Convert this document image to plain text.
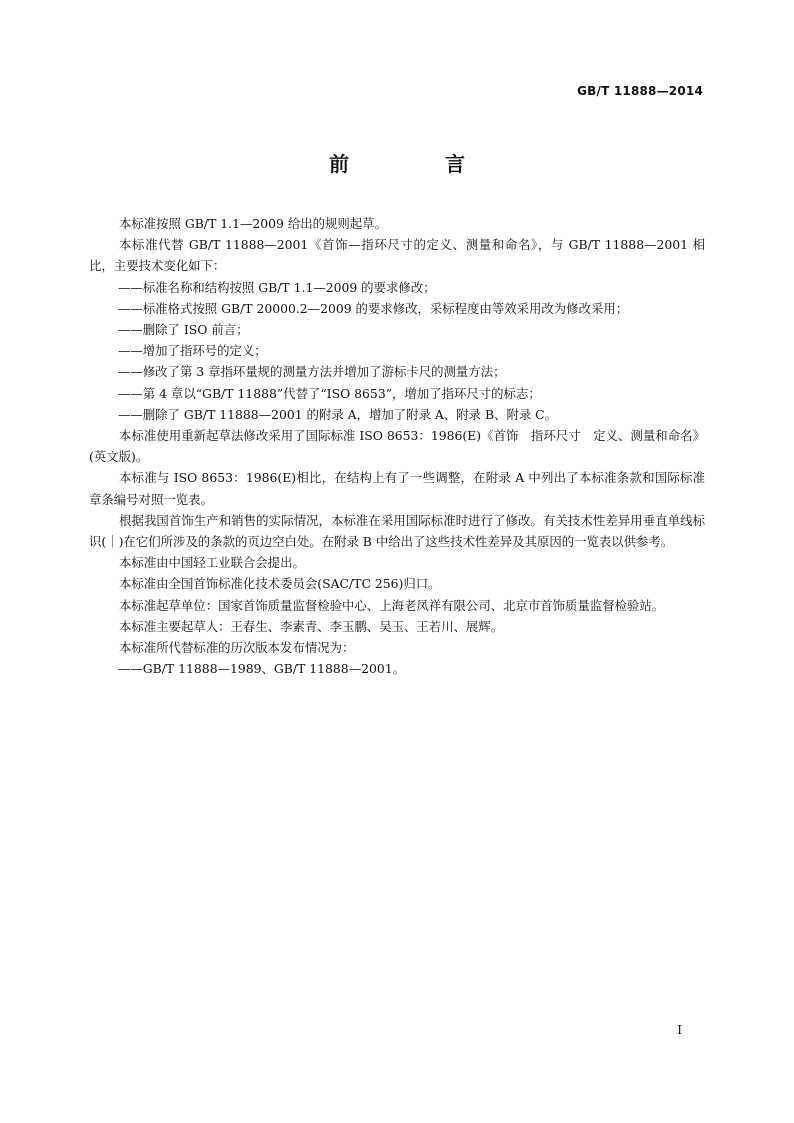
GB/T 11888—2014
前　言

本标准按照 GB/T 1.1—2009 给出的规则起草。

本标准代替 GB/T 11888—2001《首饰—指环尺寸的定义、测量和命名》，与 GB/T 11888—2001 相比，主要技术变化如下：

——标准名称和结构按照 GB/T 1.1—2009 的要求修改；

——标准格式按照 GB/T 20000.2—2009 的要求修改，采标程度由等效采用改为修改采用；

——删除了 ISO 前言；

——增加了指环号的定义；

——修改了第 3 章指环量规的测量方法并增加了游标卡尺的测量方法；

——第 4 章以“GB/T 11888”代替了“ISO 8653”，增加了指环尺寸的标志；

——删除了 GB/T 11888—2001 的附录 A，增加了附录 A、附录 B、附录 C。

本标准使用重新起草法修改采用了国际标准 ISO 8653：1986(E)《首饰　指环尺寸　定义、测量和命名》(英文版)。

本标准与 ISO 8653：1986(E)相比，在结构上有了一些调整，在附录 A 中列出了本标准条款和国际标准章条编号对照一览表。

根据我国首饰生产和销售的实际情况，本标准在采用国际标准时进行了修改。有关技术性差异用垂直单线标识(｜)在它们所涉及的条款的页边空白处。在附录 B 中给出了这些技术性差异及其原因的一览表以供参考。

本标准由中国轻工业联合会提出。

本标准由全国首饰标准化技术委员会(SAC/TC 256)归口。

本标准起草单位：国家首饰质量监督检验中心、上海老凤祥有限公司、北京市首饰质量监督检验站。

本标准主要起草人：王春生、李素青、李玉鹏、吴玉、王若川、展辉。

本标准所代替标准的历次版本发布情况为：

——GB/T 11888—1989、GB/T 11888—2001。

I
